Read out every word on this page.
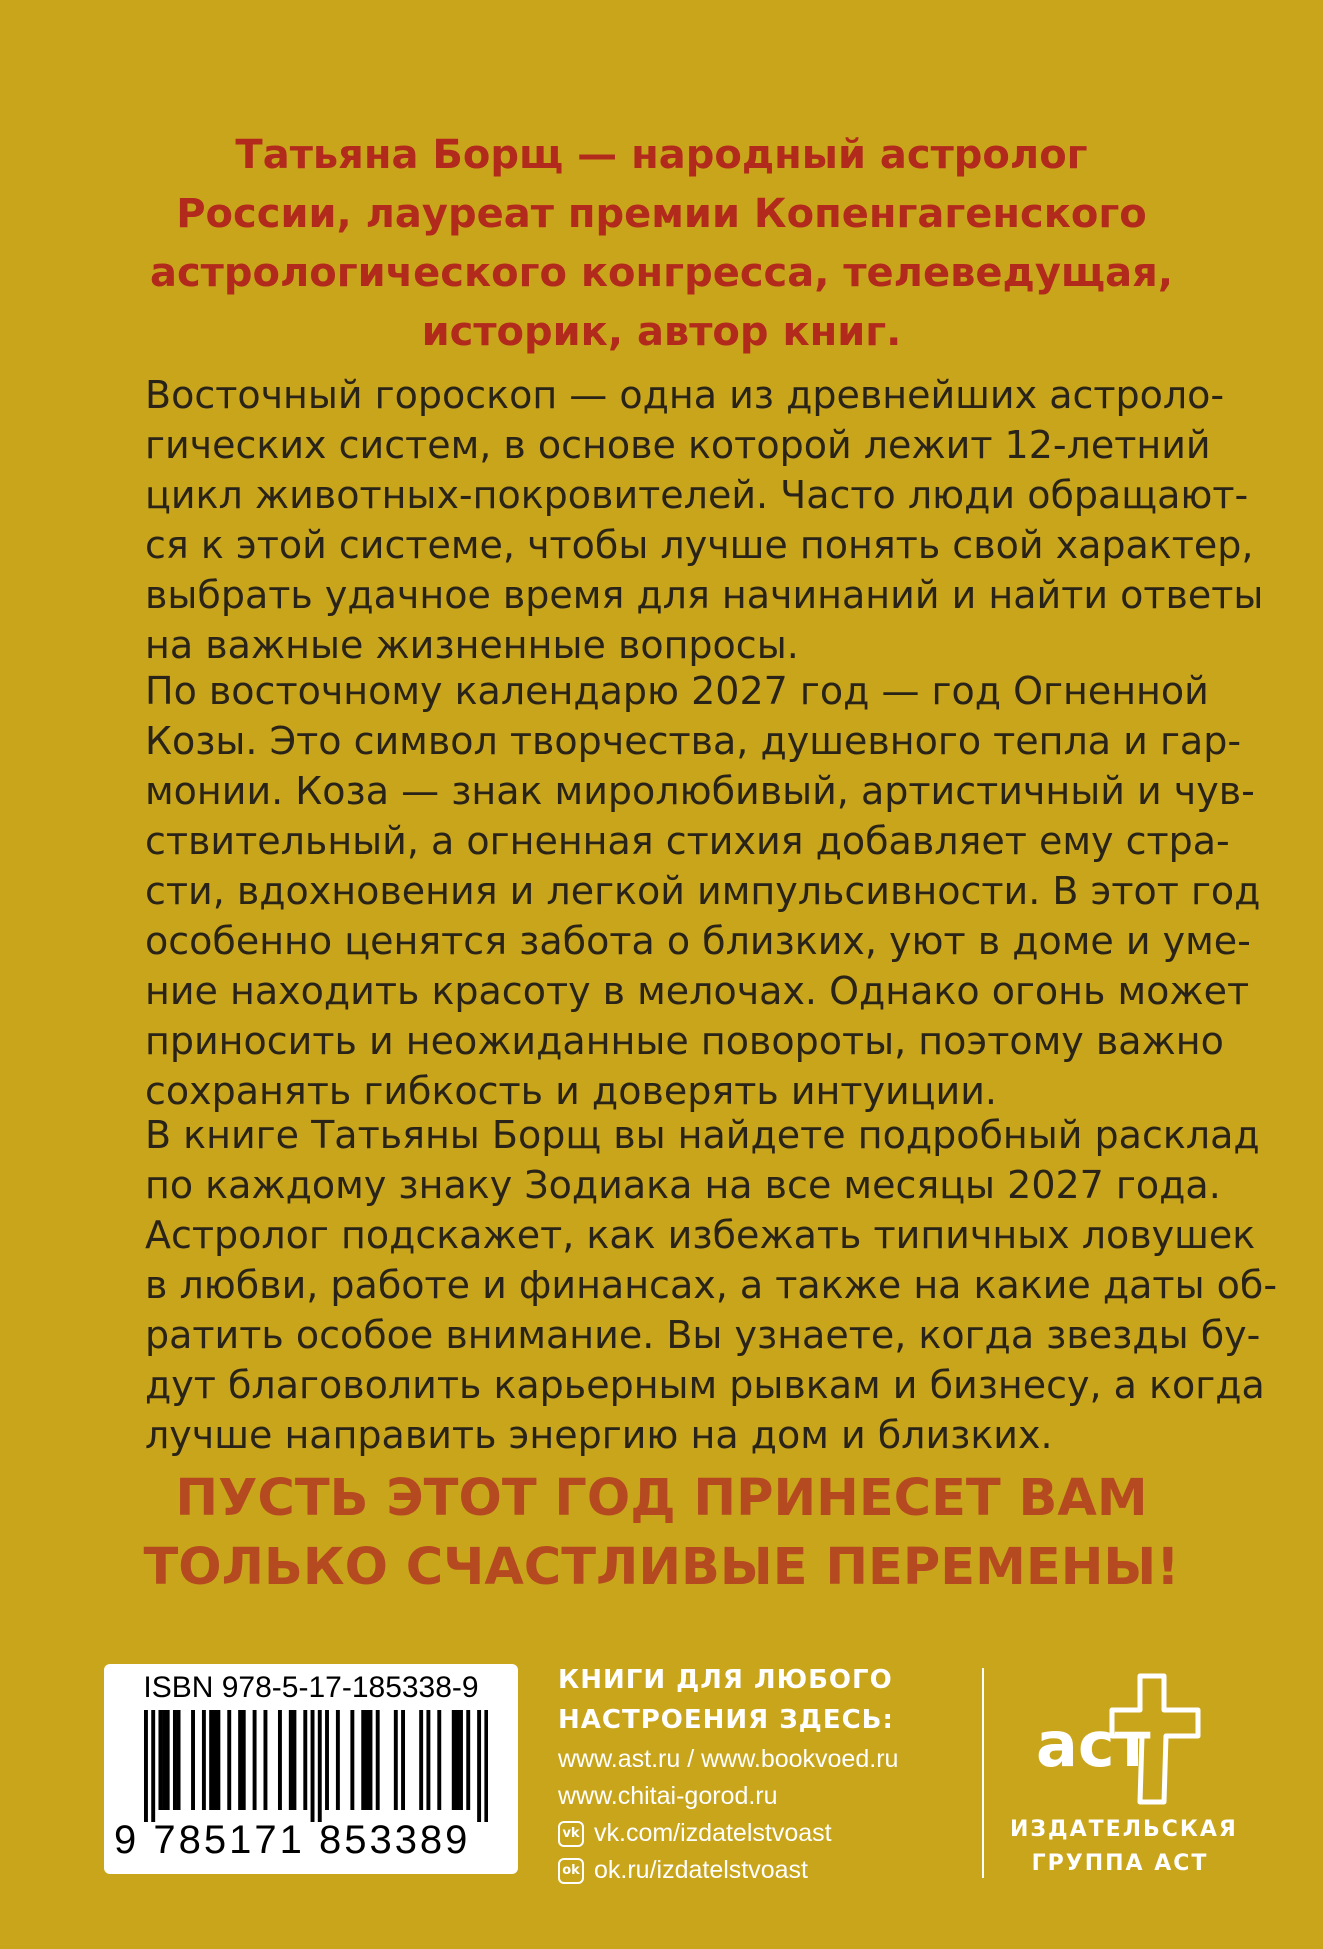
Татьяна Борщ — народный астролог
России, лауреат премии Копенгагенского
астрологического конгресса, телеведущая,
историк, автор книг.
Восточный гороскоп — одна из древнейших астроло-
гических систем, в основе которой лежит 12-летний
цикл животных-покровителей. Часто люди обращают-
ся к этой системе, чтобы лучше понять свой характер,
выбрать удачное время для начинаний и найти ответы
на важные жизненные вопросы.
По восточному календарю 2027 год — год Огненной
Козы. Это символ творчества, душевного тепла и гар-
монии. Коза — знак миролюбивый, артистичный и чув-
ствительный, а огненная стихия добавляет ему стра-
сти, вдохновения и легкой импульсивности. В этот год
особенно ценятся забота о близких, уют в доме и уме-
ние находить красоту в мелочах. Однако огонь может
приносить и неожиданные повороты, поэтому важно
сохранять гибкость и доверять интуиции.
В книге Татьяны Борщ вы найдете подробный расклад
по каждому знаку Зодиака на все месяцы 2027 года.
Астролог подскажет, как избежать типичных ловушек
в любви, работе и финансах, а также на какие даты об-
ратить особое внимание. Вы узнаете, когда звезды бу-
дут благоволить карьерным рывкам и бизнесу, а когда
лучше направить энергию на дом и близких.
ПУСТЬ ЭТОТ ГОД ПРИНЕСЕТ ВАМ
ТОЛЬКО СЧАСТЛИВЫЕ ПЕРЕМЕНЫ!
ISBN 978-5-17-185338-9
9 785171 853389
КНИГИ ДЛЯ ЛЮБОГО
НАСТРОЕНИЯ ЗДЕСЬ:
www.ast.ru / www.bookvoed.ru
www.chitai-gorod.ru
vk vk.com/izdatelstvoast
ok ok.ru/izdatelstvoast
аст
ИЗДАТЕЛЬСКАЯ
ГРУППА АСТ
